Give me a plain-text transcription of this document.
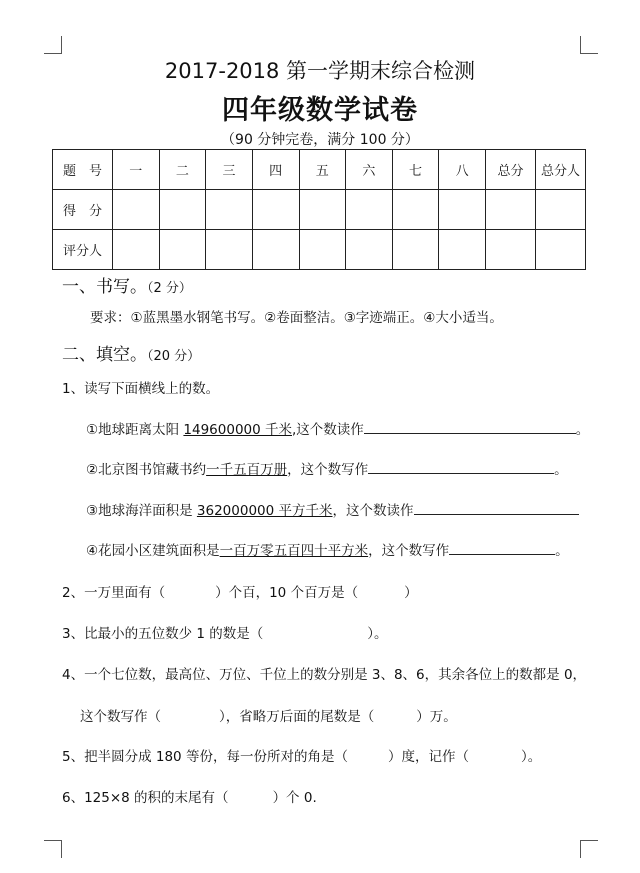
2017-2018 第一学期末综合检测
四年级数学试卷
（90 分钟完卷，满分 100 分）
题　号	一	二	三	四	五	六	七	八	总分	总分人
得　分										
评分人										
一、书写。（2 分）
要求：①蓝黑墨水钢笔书写。②卷面整洁。③字迹端正。④大小适当。
二、填空。（20 分）
1、读写下面横线上的数。
①地球距离太阳 149600000 千米,这个数读作	。
②北京图书馆藏书约一千五百万册，这个数写作	。
③地球海洋面积是 362000000 平方千米，这个数读作
④花园小区建筑面积是一百万零五百四十平方米，这个数写作	。
2、一万里面有（	）个百，10 个百万是（	）
3、比最小的五位数少 1 的数是（	）。
4、一个七位数，最高位、万位、千位上的数分别是 3、8、6，其余各位上的数都是 0，
这个数写作（	），省略万后面的尾数是（	）万。
5、把半圆分成 180 等份，每一份所对的角是（	）度，记作（	）。
6、125×8 的积的末尾有（	）个 0.
